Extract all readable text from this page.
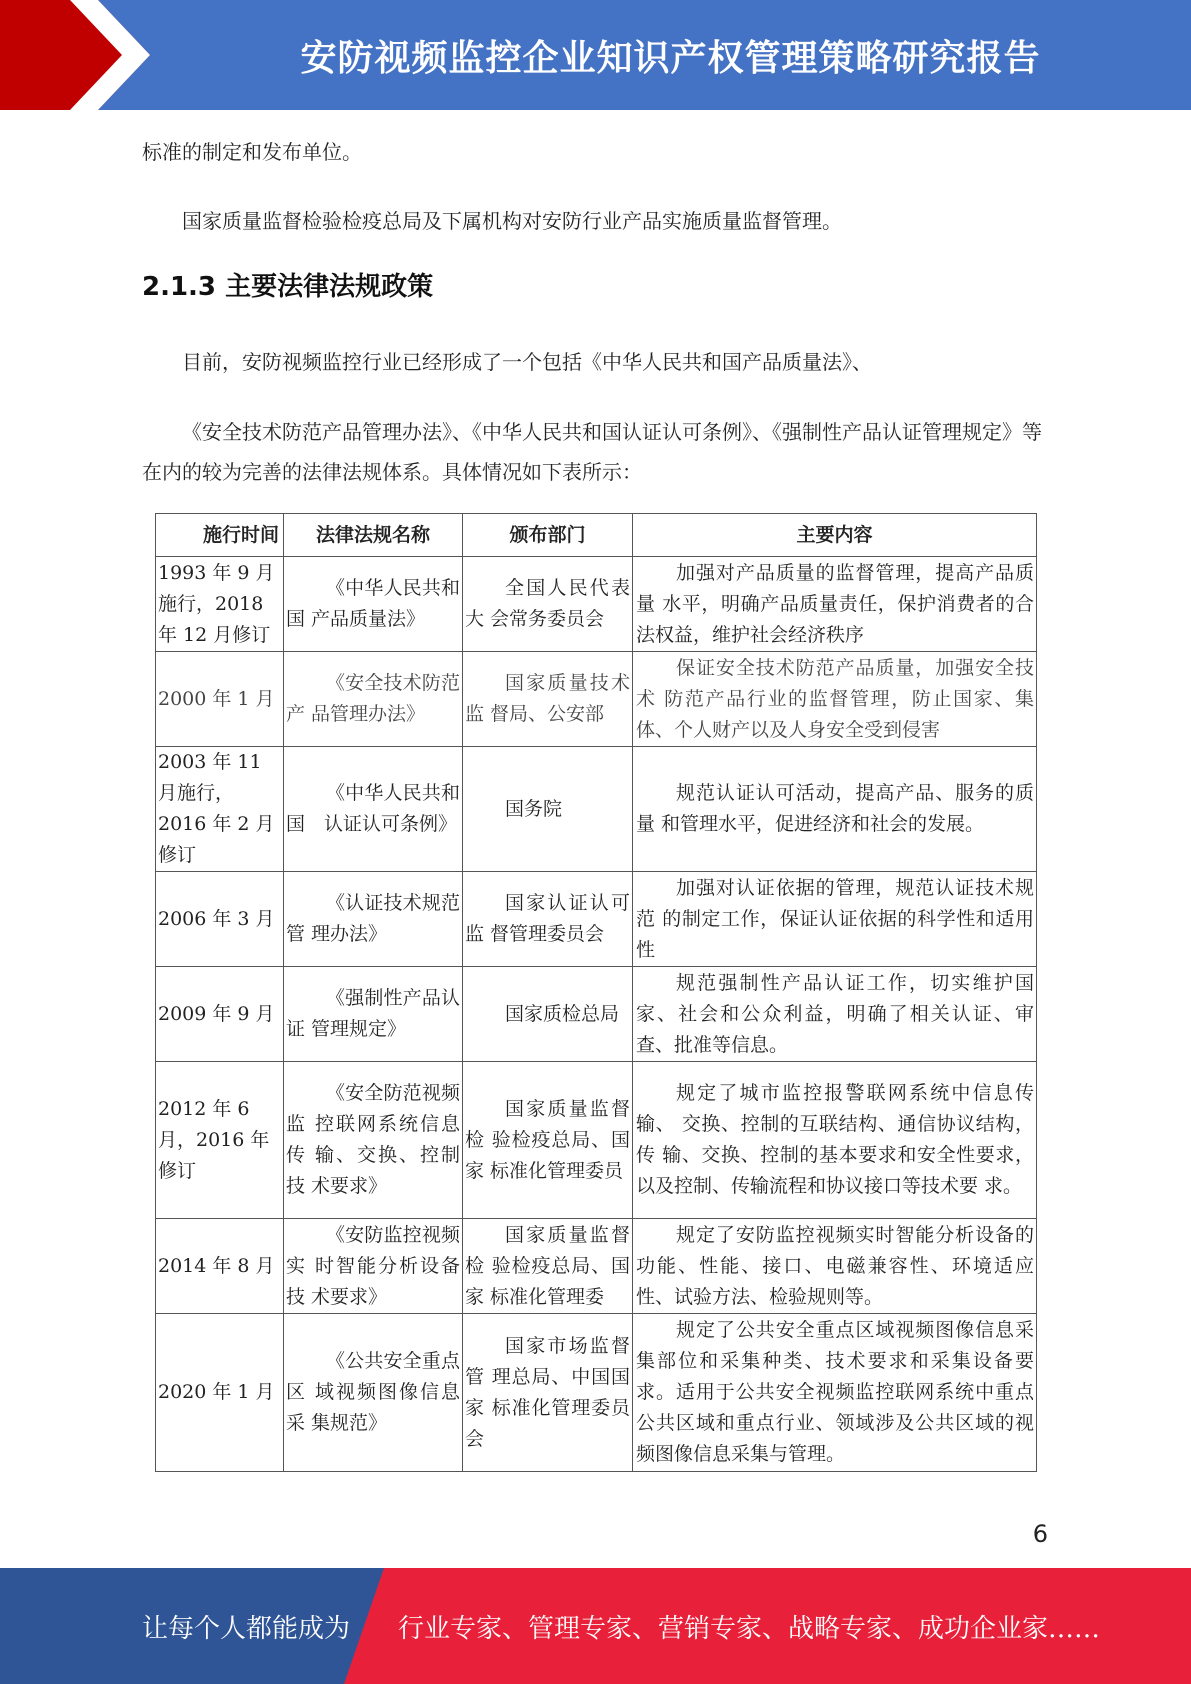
安防视频监控企业知识产权管理策略研究报告
标准的制定和发布单位。
国家质量监督检验检疫总局及下属机构对安防行业产品实施质量监督管理。
2.1.3 主要法律法规政策
目前，安防视频监控行业已经形成了一个包括《中华人民共和国产品质量法》、
《安全技术防范产品管理办法》、《中华人民共和国认证认可条例》、《强制性产品认证管理规定》等在内的较为完善的法律法规体系。具体情况如下表所示：
施行时间	法律法规名称	颁布部门	主要内容
1993 年 9 月施行，2018 年 12 月修订	《中华人民共和国 产品质量法》	全国人民代表大 会常务委员会	加强对产品质量的监督管理，提高产品质量 水平，明确产品质量责任，保护消费者的合法权益，维护社会经济秩序
2000 年 1 月	《安全技术防范产 品管理办法》	国家质量技术监 督局、公安部	保证安全技术防范产品质量，加强安全技术 防范产品行业的监督管理，防止国家、集体、个人财产以及人身安全受到侵害
2003 年 11 月施行，2016 年 2 月修订	《中华人民共和国　认证认可条例》	国务院	规范认证认可活动，提高产品、服务的质量 和管理水平，促进经济和社会的发展。
2006 年 3 月	《认证技术规范管 理办法》	国家认证认可监 督管理委员会	加强对认证依据的管理，规范认证技术规范 的制定工作，保证认证依据的科学性和适用性
2009 年 9 月	《强制性产品认证 管理规定》	国家质检总局	规范强制性产品认证工作，切实维护国家、社会和公众利益，明确了相关认证、审查、批准等信息。
2012 年 6 月，2016 年修订	《安全防范视频监 控联网系统信息传 输、交换、控制技 术要求》	国家质量监督检 验检疫总局、国家 标准化管理委员	规定了城市监控报警联网系统中信息传输、 交换、控制的互联结构、通信协议结构，传 输、交换、控制的基本要求和安全性要求，以及控制、传输流程和协议接口等技术要 求。
2014 年 8 月	《安防监控视频实 时智能分析设备技 术要求》	国家质量监督检 验检疫总局、国家 标准化管理委	规定了安防监控视频实时智能分析设备的功能、性能、接口、电磁兼容性、环境适应性、试验方法、检验规则等。
2020 年 1 月	《公共安全重点区 域视频图像信息采 集规范》	国家市场监督管 理总局、中国国家 标准化管理委员 会	规定了公共安全重点区域视频图像信息采集部位和采集种类、技术要求和采集设备要求。适用于公共安全视频监控联网系统中重点公共区域和重点行业、领域涉及公共区域的视频图像信息采集与管理。
6
让每个人都能成为 行业专家、管理专家、营销专家、战略专家、成功企业家……
